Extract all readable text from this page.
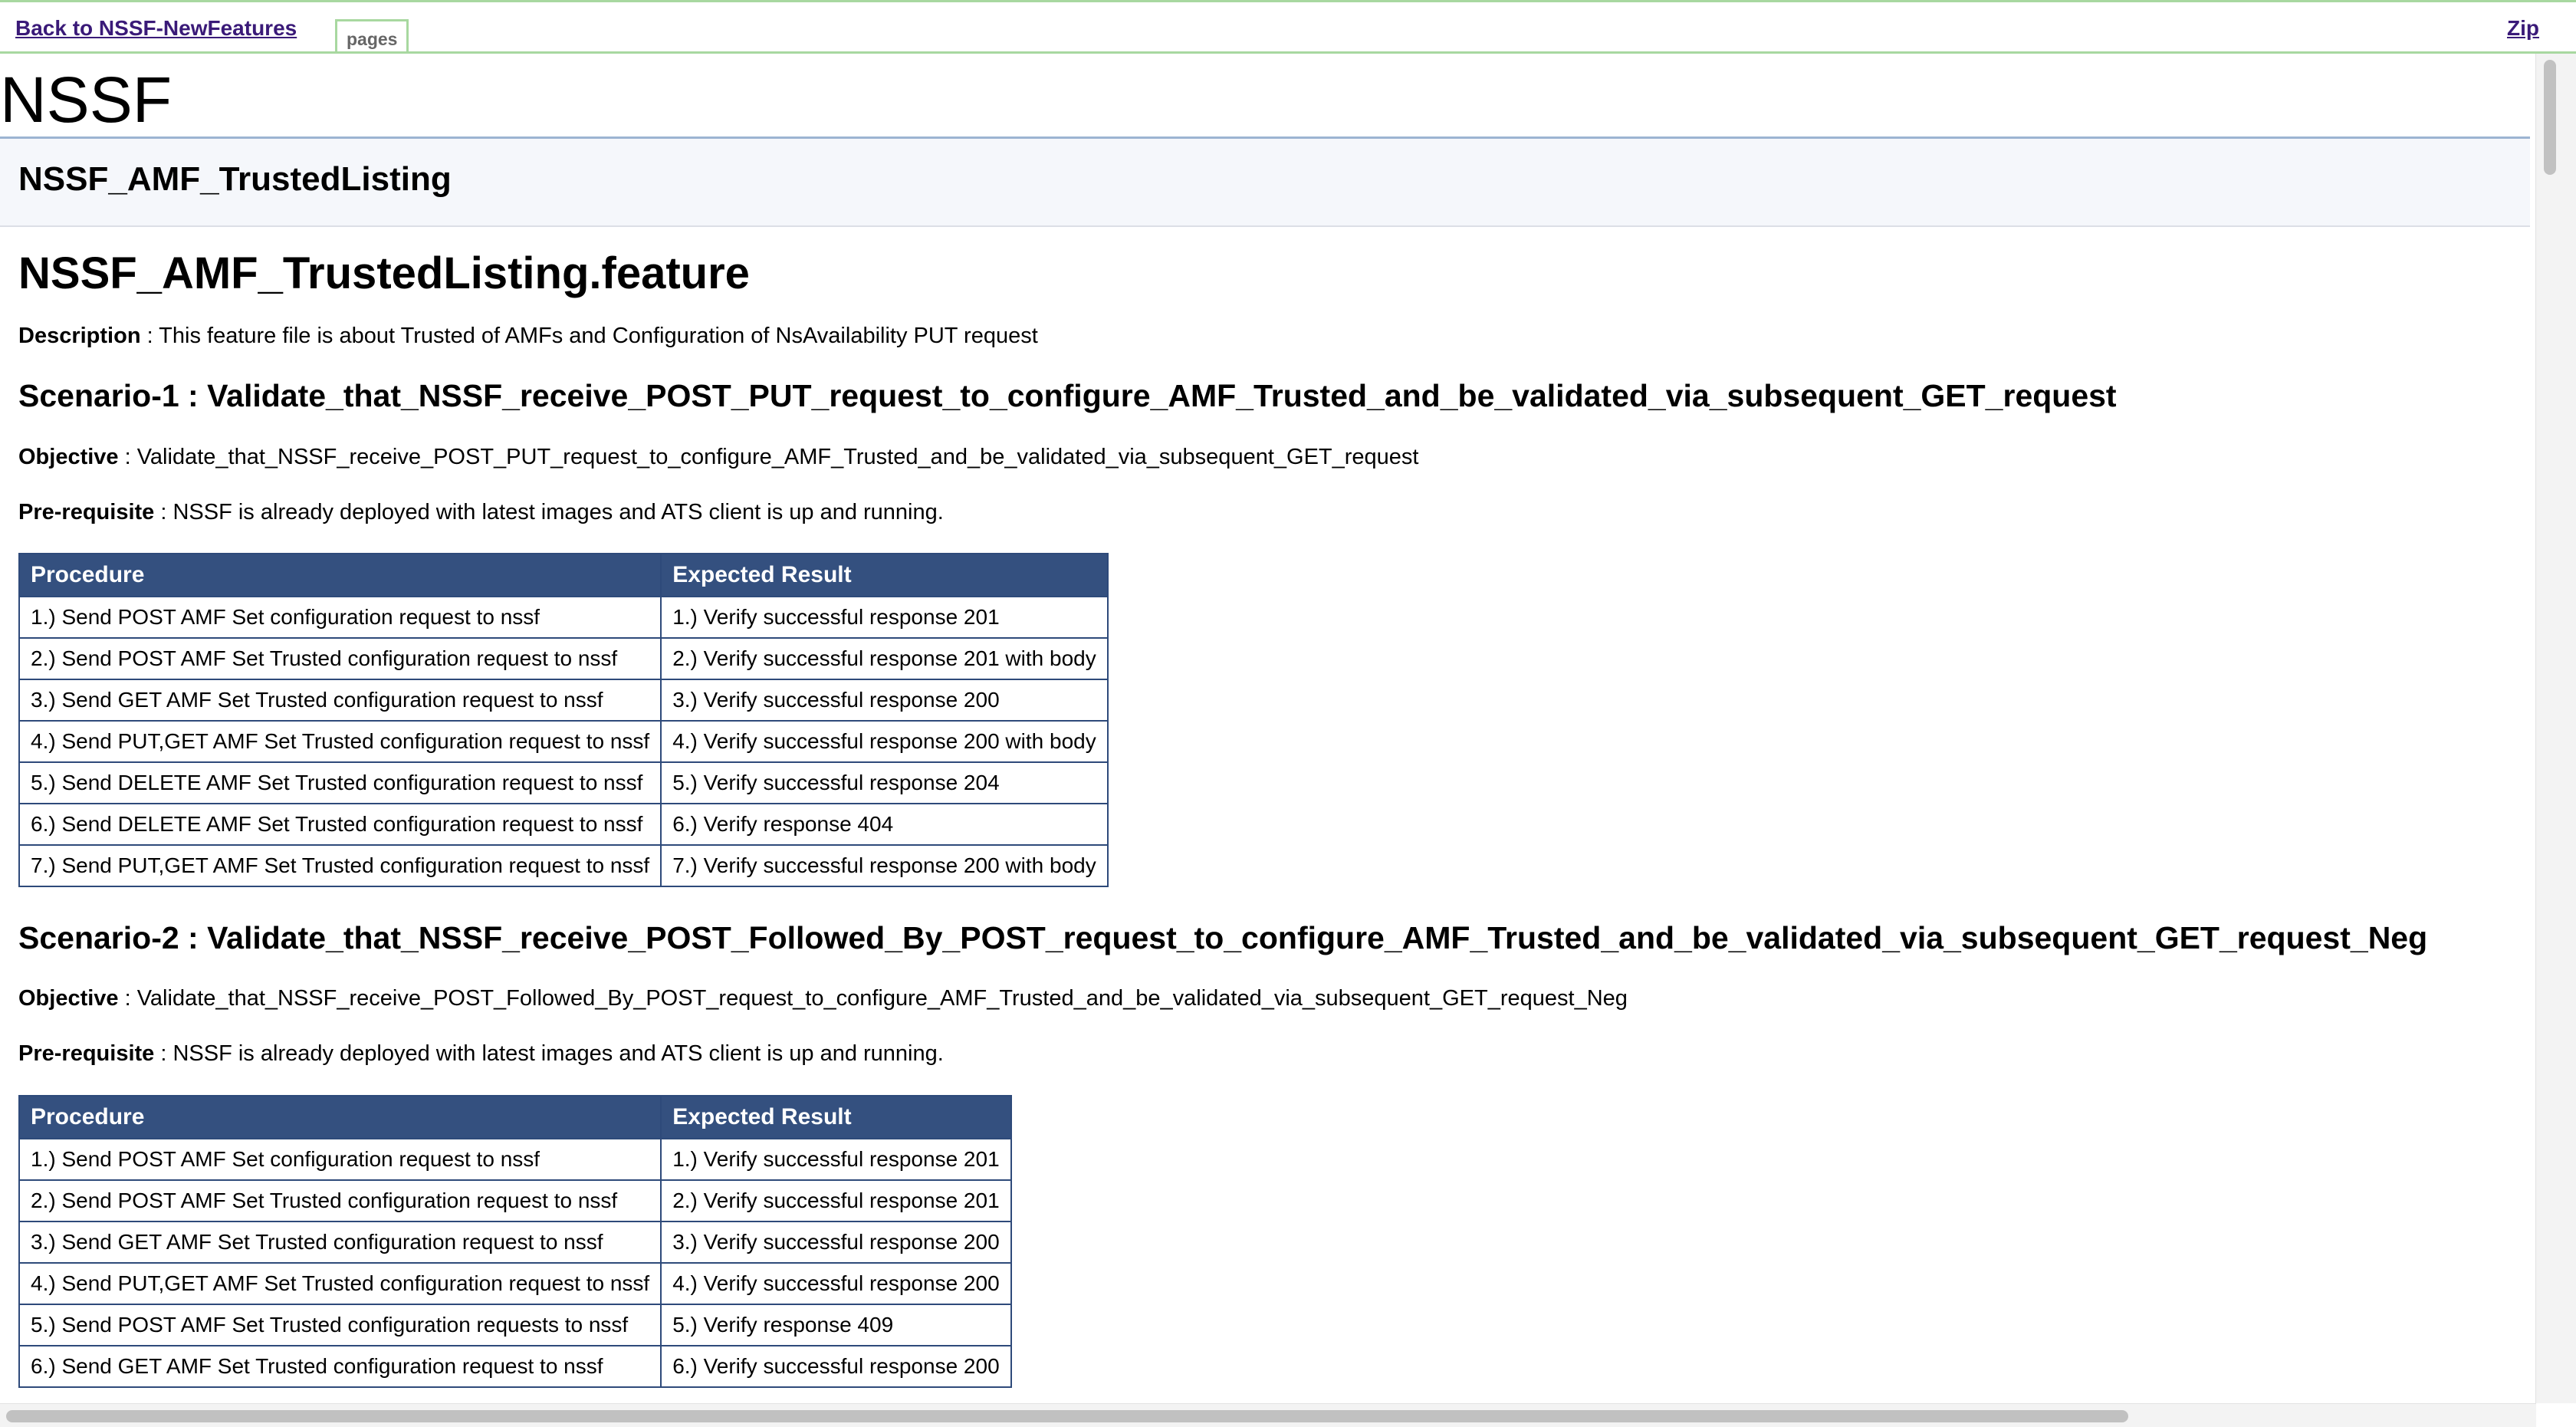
Back to NSSF-NewFeatures	pages	Zip
NSSF
NSSF_AMF_TrustedListing
NSSF_AMF_TrustedListing.feature

Description : This feature file is about Trusted of AMFs and Configuration of NsAvailability PUT request

Scenario-1 : Validate_that_NSSF_receive_POST_PUT_request_to_configure_AMF_Trusted_and_be_validated_via_subsequent_GET_request

Objective : Validate_that_NSSF_receive_POST_PUT_request_to_configure_AMF_Trusted_and_be_validated_via_subsequent_GET_request

Pre-requisite : NSSF is already deployed with latest images and ATS client is up and running.

Procedure	Expected Result
1.) Send POST AMF Set configuration request to nssf	1.) Verify successful response 201
2.) Send POST AMF Set Trusted configuration request to nssf	2.) Verify successful response 201 with body
3.) Send GET AMF Set Trusted configuration request to nssf	3.) Verify successful response 200
4.) Send PUT,GET AMF Set Trusted configuration request to nssf	4.) Verify successful response 200 with body
5.) Send DELETE AMF Set Trusted configuration request to nssf	5.) Verify successful response 204
6.) Send DELETE AMF Set Trusted configuration request to nssf	6.) Verify response 404
7.) Send PUT,GET AMF Set Trusted configuration request to nssf	7.) Verify successful response 200 with body
Scenario-2 : Validate_that_NSSF_receive_POST_Followed_By_POST_request_to_configure_AMF_Trusted_and_be_validated_via_subsequent_GET_request_Neg

Objective : Validate_that_NSSF_receive_POST_Followed_By_POST_request_to_configure_AMF_Trusted_and_be_validated_via_subsequent_GET_request_Neg

Pre-requisite : NSSF is already deployed with latest images and ATS client is up and running.

Procedure	Expected Result
1.) Send POST AMF Set configuration request to nssf	1.) Verify successful response 201
2.) Send POST AMF Set Trusted configuration request to nssf	2.) Verify successful response 201
3.) Send GET AMF Set Trusted configuration request to nssf	3.) Verify successful response 200
4.) Send PUT,GET AMF Set Trusted configuration request to nssf	4.) Verify successful response 200
5.) Send POST AMF Set Trusted configuration requests to nssf	5.) Verify response 409
6.) Send GET AMF Set Trusted configuration request to nssf	6.) Verify successful response 200
